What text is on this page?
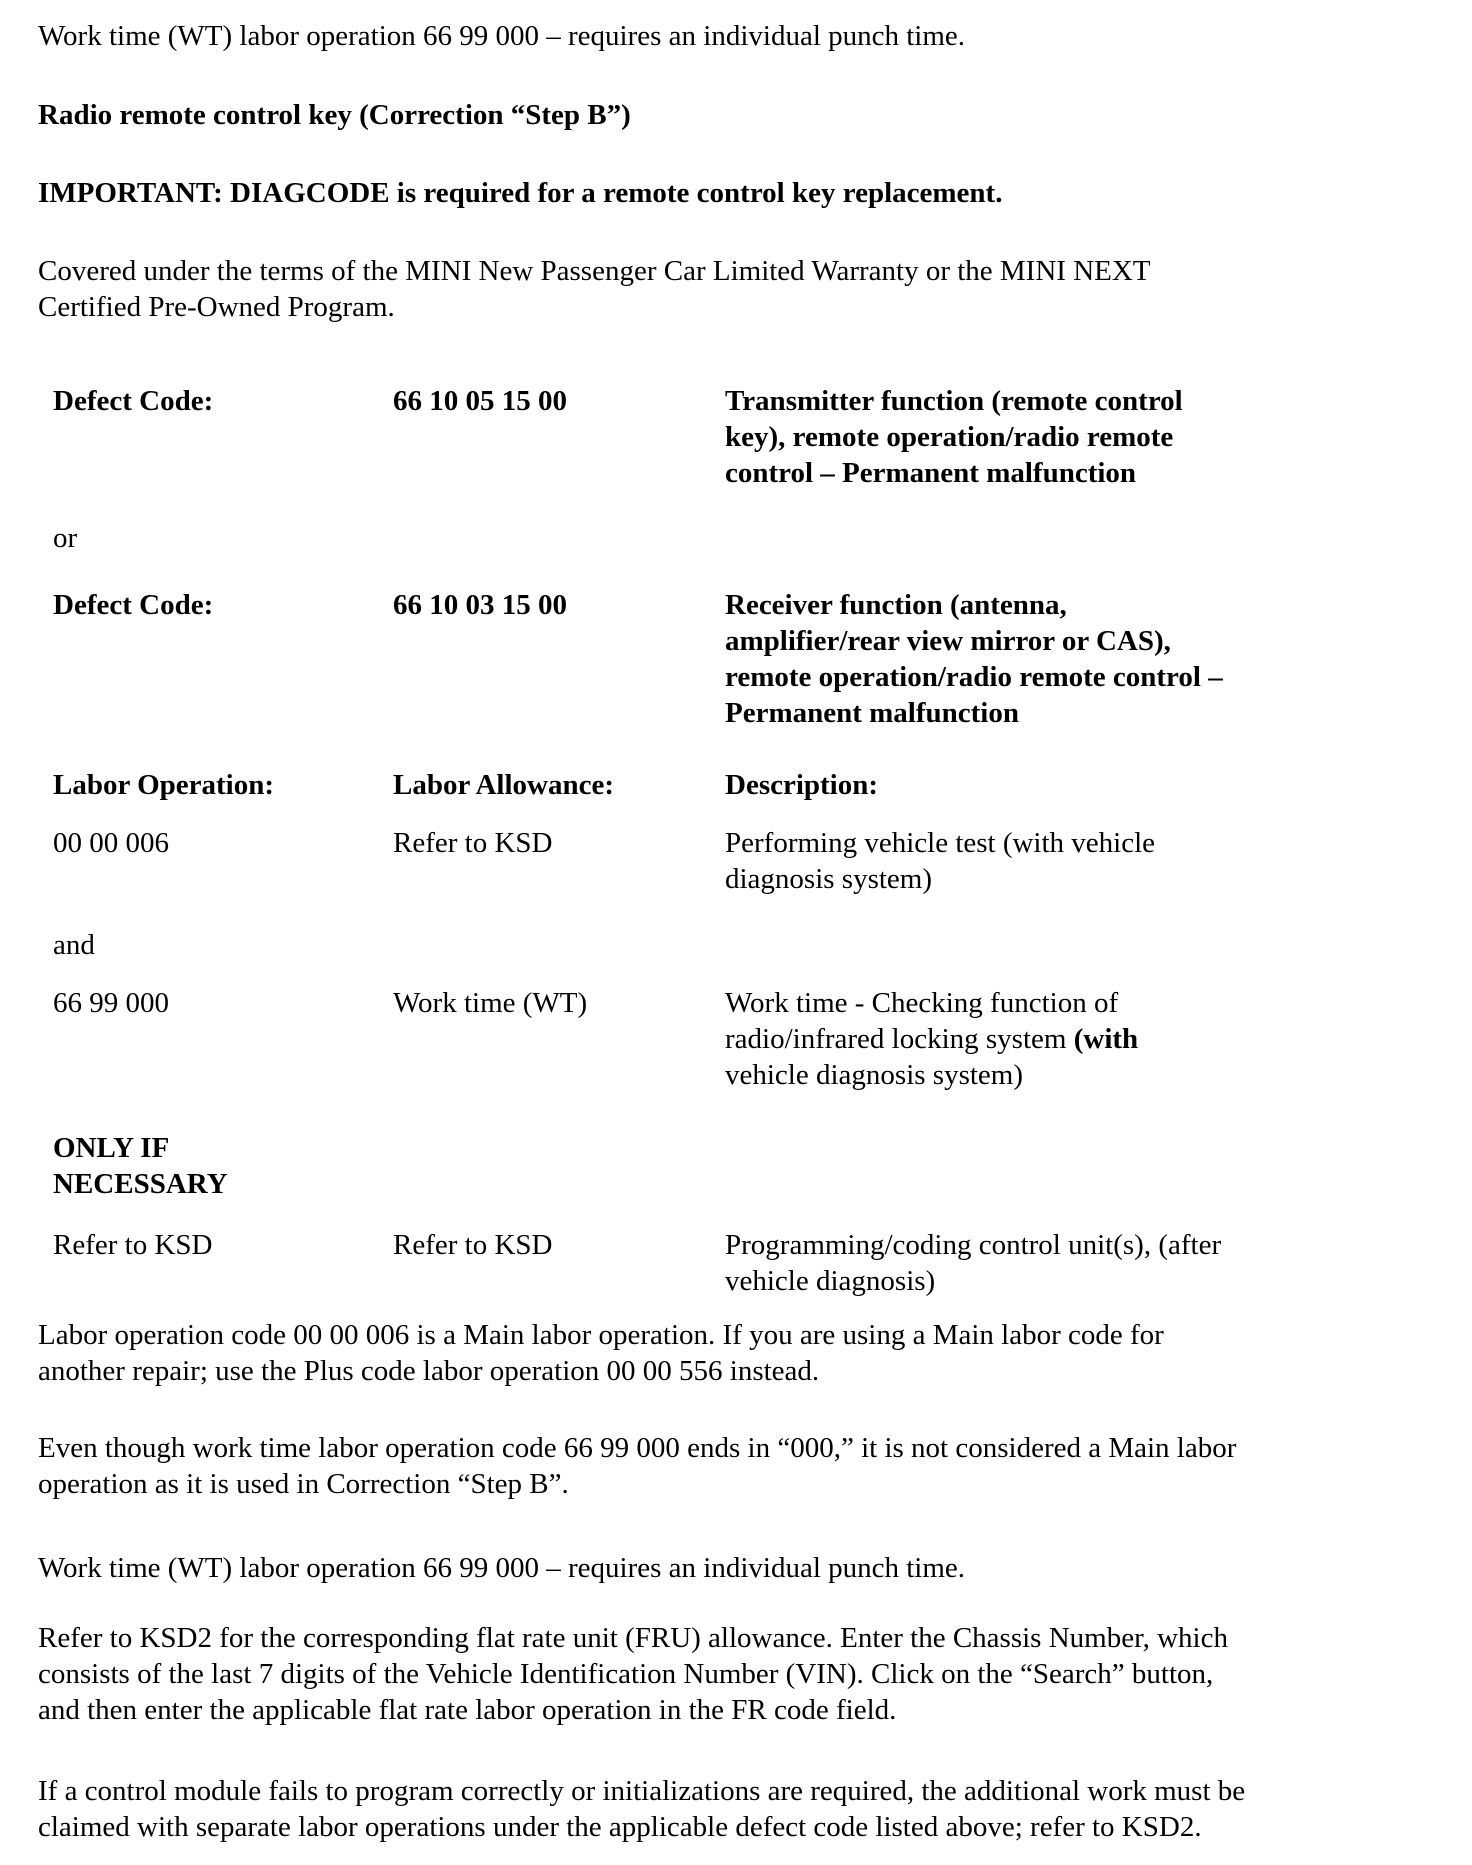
Work time (WT) labor operation 66 99 000 – requires an individual punch time.
Radio remote control key (Correction “Step B”)
IMPORTANT: DIAGCODE is required for a remote control key replacement.
Covered under the terms of the MINI New Passenger Car Limited Warranty or the MINI NEXT
Certified Pre-Owned Program.
Defect Code:	66 10 05 15 00	Transmitter function (remote control
key), remote operation/radio remote
control – Permanent malfunction
or
Defect Code:	66 10 03 15 00	Receiver function (antenna,
amplifier/rear view mirror or CAS),
remote operation/radio remote control –
Permanent malfunction
Labor Operation:	Labor Allowance:	Description:
00 00 006	Refer to KSD	Performing vehicle test (with vehicle
diagnosis system)
and
66 99 000	Work time (WT)	Work time - Checking function of
radio/infrared locking system (with
vehicle diagnosis system)
ONLY IF
NECESSARY
Refer to KSD	Refer to KSD	Programming/coding control unit(s), (after
vehicle diagnosis)
Labor operation code 00 00 006 is a Main labor operation. If you are using a Main labor code for
another repair; use the Plus code labor operation 00 00 556 instead.
Even though work time labor operation code 66 99 000 ends in “000,” it is not considered a Main labor
operation as it is used in Correction “Step B”.
Work time (WT) labor operation 66 99 000 – requires an individual punch time.
Refer to KSD2 for the corresponding flat rate unit (FRU) allowance. Enter the Chassis Number, which
consists of the last 7 digits of the Vehicle Identification Number (VIN). Click on the “Search” button,
and then enter the applicable flat rate labor operation in the FR code field.
If a control module fails to program correctly or initializations are required, the additional work must be
claimed with separate labor operations under the applicable defect code listed above; refer to KSD2.
